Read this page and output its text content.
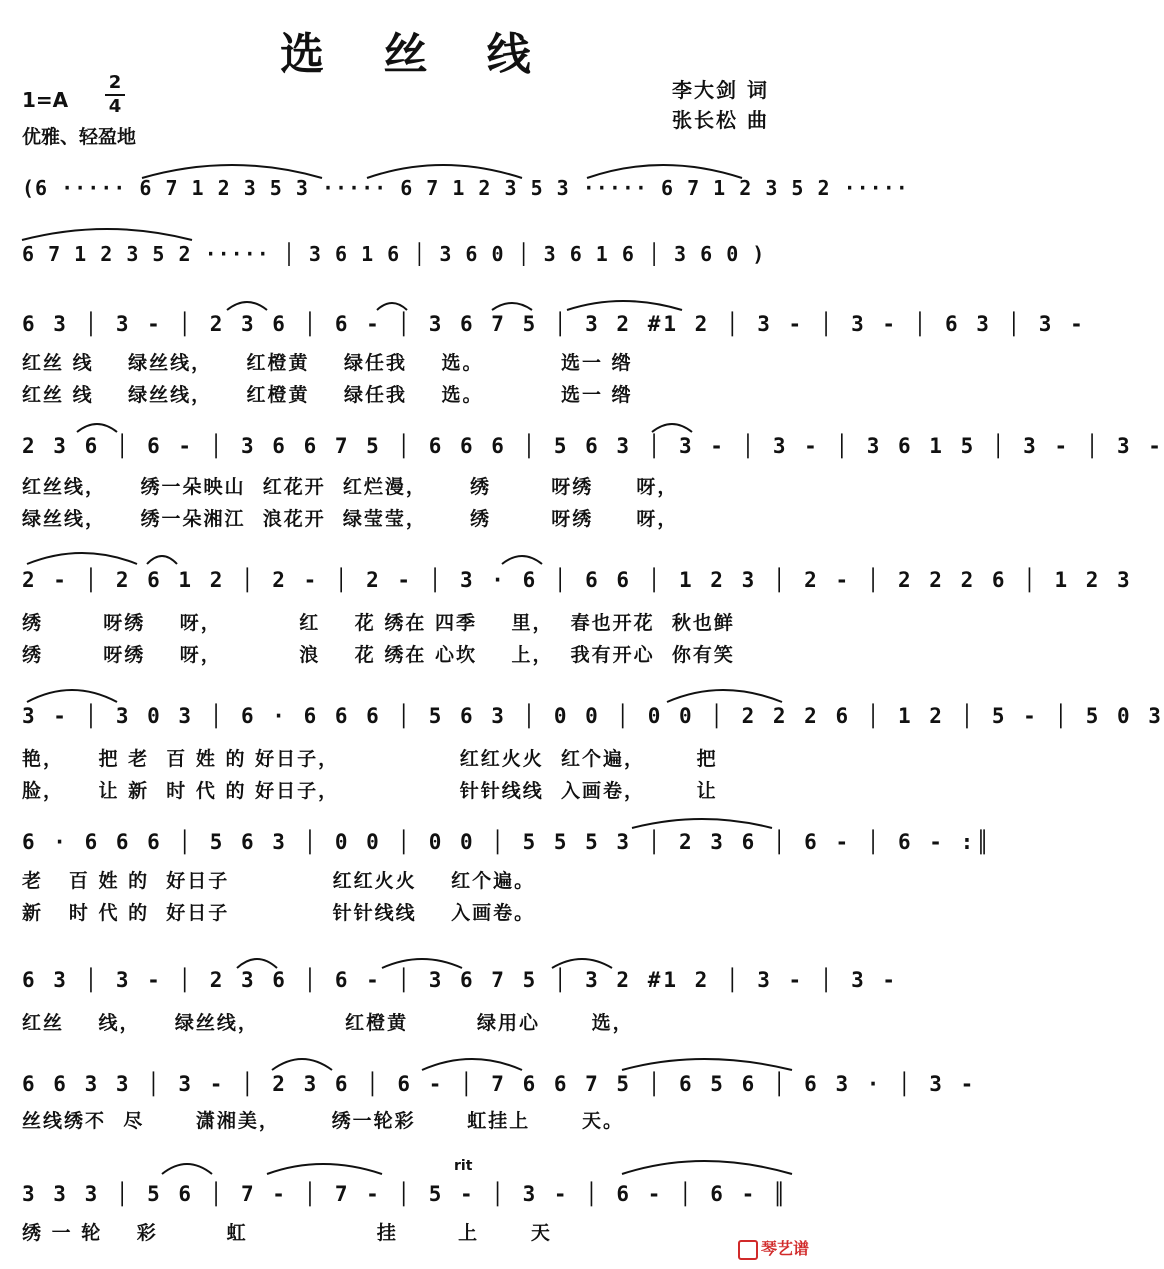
选 丝 线
1=A
2
4
优雅、轻盈地
李大剑 词
张长松 曲
(6 ····· 6 7 1 2 3 5 3 ····· 6 7 1 2 3 5 3 ····· 6 7 1 2 3 5 2 ·····
6 7 1 2 3 5 2 ····· │ 3 6 1 6 │ 3 6 0 │ 3 6 1 6 │ 3 6 0 )
6 3 │ 3 - │ 2 3 6 │ 6 - │ 3 6 7 5 │ 3 2 #1 2 │ 3 - │ 3 - │ 6 3 │ 3 -
红丝 线    绿丝线，    红橙黄    绿任我    选。         选一 绺
红丝 线    绿丝线，    红橙黄    绿任我    选。         选一 绺
2 3 6 │ 6 - │ 3 6 6 7 5 │ 6 6 6 │ 5 6 3 │ 3 - │ 3 - │ 3 6 1 5 │ 3 - │ 3 -
红丝线，    绣一朵映山  红花开  红烂漫，     绣       呀绣     呀，
绿丝线，    绣一朵湘江  浪花开  绿莹莹，     绣       呀绣     呀，
2 - │ 2 6 1 2 │ 2 - │ 2 - │ 3 · 6 │ 6 6 │ 1 2 3 │ 2 - │ 2 2 2 6 │ 1 2 3
绣       呀绣    呀，         红    花 绣在 四季    里，  春也开花  秋也鲜
绣       呀绣    呀，         浪    花 绣在 心坎    上，  我有开心  你有笑
3 - │ 3 0 3 │ 6 · 6 6 6 │ 5 6 3 │ 0 0 │ 0 0 │ 2 2 2 6 │ 1 2 │ 5 - │ 5 0 3
艳，    把 老  百 姓 的 好日子，              红红火火  红个遍，      把
脸，    让 新  时 代 的 好日子，              针针线线  入画卷，      让
6 · 6 6 6 │ 5 6 3 │ 0 0 │ 0 0 │ 5 5 5 3 │ 2 3 6 │ 6 - │ 6 - :║
老   百 姓 的  好日子            红红火火    红个遍。
新   时 代 的  好日子            针针线线    入画卷。
6 3 │ 3 - │ 2 3 6 │ 6 - │ 3 6 7 5 │ 3 2 #1 2 │ 3 - │ 3 -
红丝    线，    绿丝线，          红橙黄        绿用心      选，
6 6 3 3 │ 3 - │ 2 3 6 │ 6 - │ 7 6 6 7 5 │ 6 5 6 │ 6 3 · │ 3 -
丝线绣不  尽      潇湘美，      绣一轮彩      虹挂上      天。
rit
3 3 3 │ 5 6 │ 7 - │ 7 - │ 5 - │ 3 - │ 6 - │ 6 - ║
绣 一 轮    彩        虹               挂       上      天
琴艺谱
